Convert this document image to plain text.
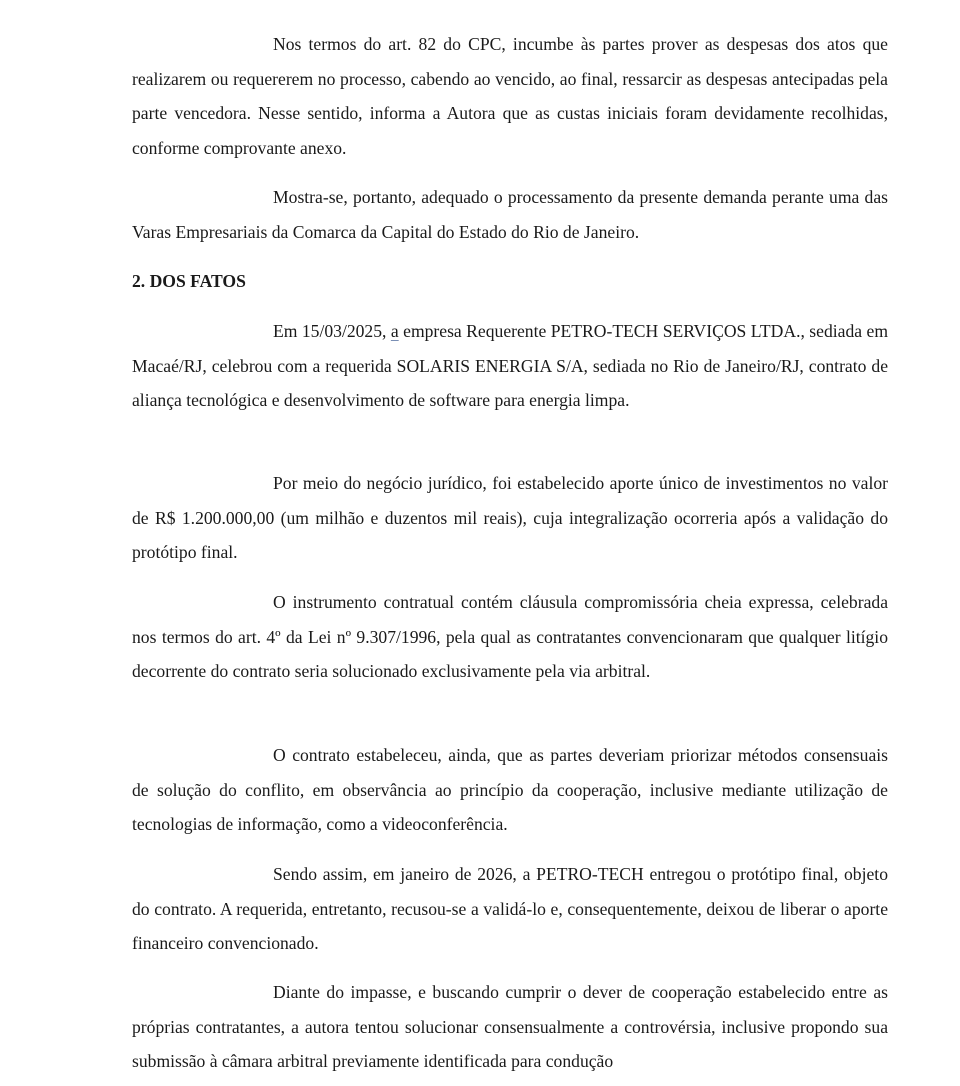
Nos termos do art. 82 do CPC, incumbe às partes prover as despesas dos atos que realizarem ou requererem no processo, cabendo ao vencido, ao final, ressarcir as despesas antecipadas pela parte vencedora. Nesse sentido, informa a Autora que as custas iniciais foram devidamente recolhidas, conforme comprovante anexo.

Mostra-se, portanto, adequado o processamento da presente demanda perante uma das Varas Empresariais da Comarca da Capital do Estado do Rio de Janeiro.

2. DOS FATOS

Em 15/03/2025, a empresa Requerente PETRO-TECH SERVIÇOS LTDA., sediada em Macaé/RJ, celebrou com a requerida SOLARIS ENERGIA S/A, sediada no Rio de Janeiro/RJ, contrato de aliança tecnológica e desenvolvimento de software para energia limpa.

Por meio do negócio jurídico, foi estabelecido aporte único de investimentos no valor de R$ 1.200.000,00 (um milhão e duzentos mil reais), cuja integralização ocorreria após a validação do protótipo final.

O instrumento contratual contém cláusula compromissória cheia expressa, celebrada nos termos do art. 4º da Lei nº 9.307/1996, pela qual as contratantes convencionaram que qualquer litígio decorrente do contrato seria solucionado exclusivamente pela via arbitral.

O contrato estabeleceu, ainda, que as partes deveriam priorizar métodos consensuais de solução do conflito, em observância ao princípio da cooperação, inclusive mediante utilização de tecnologias de informação, como a videoconferência.

Sendo assim, em janeiro de 2026, a PETRO-TECH entregou o protótipo final, objeto do contrato. A requerida, entretanto, recusou-se a validá-lo e, consequentemente, deixou de liberar o aporte financeiro convencionado.

Diante do impasse, e buscando cumprir o dever de cooperação estabelecido entre as próprias contratantes, a autora tentou solucionar consensualmente a controvérsia, inclusive propondo sua submissão à câmara arbitral previamente identificada para condução
